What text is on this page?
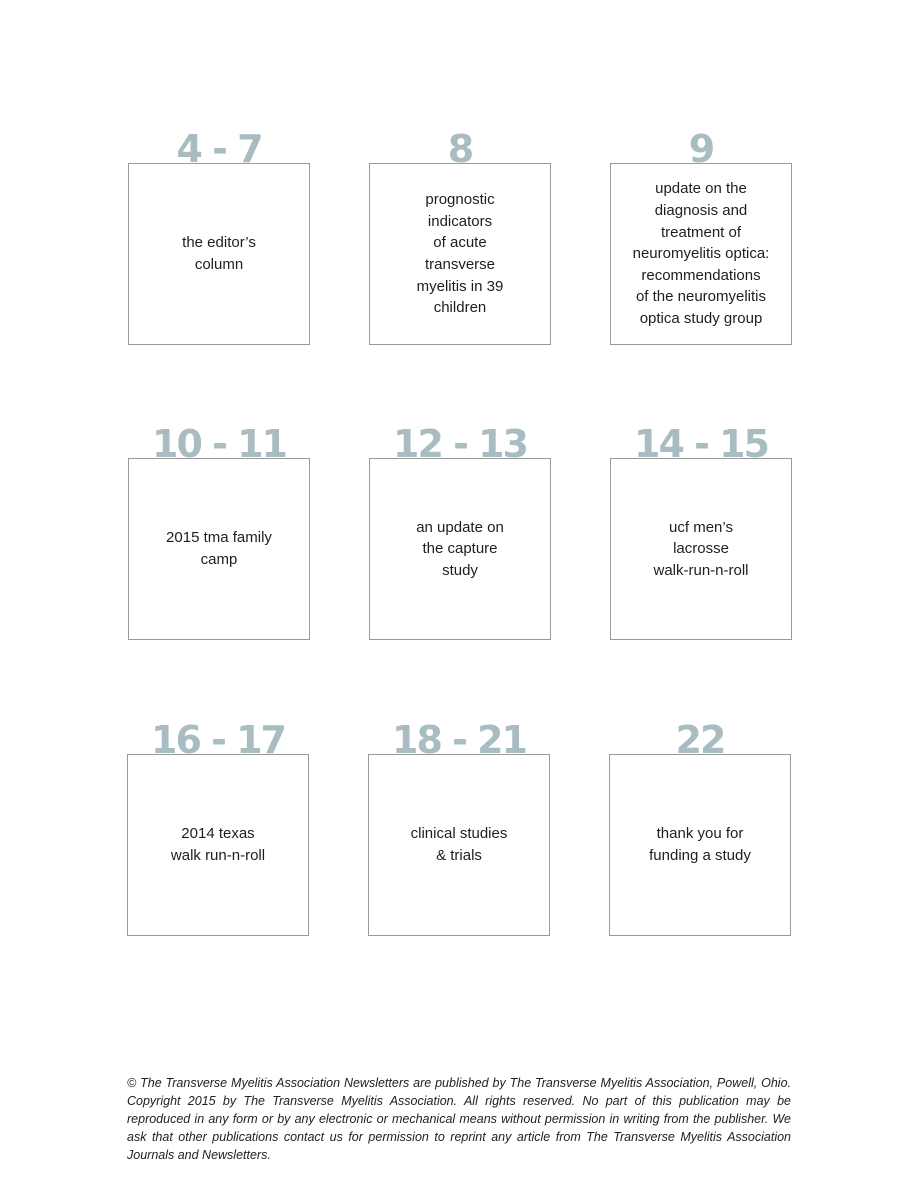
4 - 7
the editor’s
column
8
prognostic
indicators
of acute
transverse
myelitis in 39
children
9
update on the
diagnosis and
treatment of
neuromyelitis optica:
recommendations
of the neuromyelitis
optica study group
10 - 11
2015 tma family
camp
12 - 13
an update on
the capture
study
14 - 15
ucf men’s
lacrosse
walk-run-n-roll
16 - 17
2014 texas
walk run-n-roll
18 - 21
clinical studies
& trials
22
thank you for
funding a study

© The Transverse Myelitis Association Newsletters are published by The Transverse Myelitis Association, Powell, Ohio. Copyright 2015 by The Transverse Myelitis Association. All rights reserved. No part of this publication may be reproduced in any form or by any electronic or mechanical means without permission in writing from the publisher. We ask that other publications contact us for permission to reprint any article from The Transverse Myelitis Association Journals and Newsletters.
